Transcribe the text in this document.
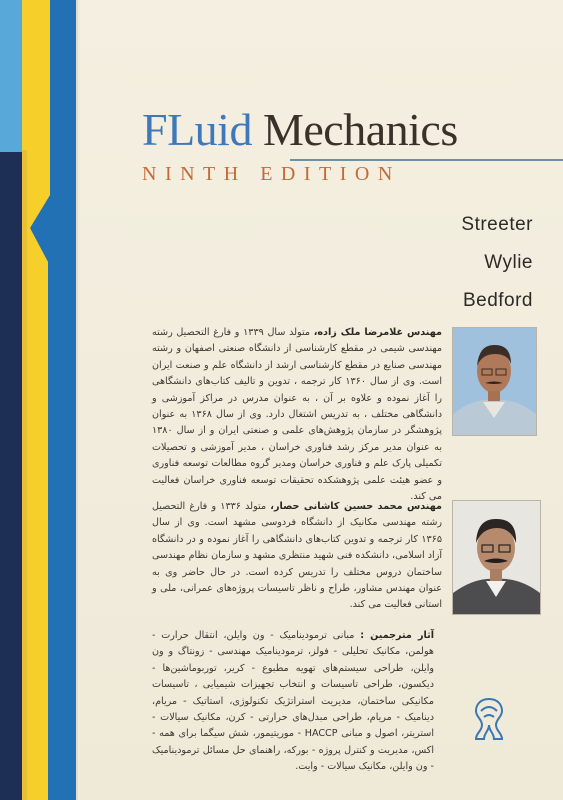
FLuid Mechanics
NINTH EDITION
Streeter
Wylie
Bedford
مهندس غلامرضا ملک زاده، متولد سال ۱۳۳۹ و فارغ التحصیل رشته مهندسی شیمی در مقطع کارشناسی از دانشگاه صنعتی اصفهان و رشته مهندسی صنایع در مقطع کارشناسی ارشد از دانشگاه علم و صنعت ایران است. وی از سال ۱۳۶۰ کار ترجمه ، تدوین و تالیف کتاب‌های دانشگاهی را آغاز نموده و علاوه بر آن ، به عنوان مدرس در مراکز آموزشی و دانشگاهی مختلف ، به تدریس اشتغال دارد. وی از سال ۱۳۶۸ به عنوان پژوهشگر در سازمان پژوهش‌های علمی و صنعتی ایران و از سال ۱۳۸۰ به عنوان مدیر مرکز رشد فناوری خراسان ، مدیر آموزشی و تحصیلات تکمیلی پارک علم و فناوری خراسان ومدیر گروه مطالعات توسعه فناوری و عضو هیئت علمی پژوهشکده تحقیقات توسعه فناوری خراسان فعالیت می کند.
مهندس محمد حسین کاشانی حصار، متولد ۱۳۳۶ و فارغ التحصیل رشته مهندسی مکانیک از دانشگاه فردوسی مشهد است. وی از سال ۱۳۶۵ کار ترجمه و تدوین کتاب‌های دانشگاهی را آغاز نموده و در دانشگاه آزاد اسلامی، دانشکده فنی شهید منتظری مشهد و سازمان نظام مهندسی ساختمان دروس مختلف را تدریس کرده است. در حال حاضر وی به عنوان مهندس مشاور، طراح و ناظر تاسیسات پروژه‌های عمرانی، ملی و استانی فعالیت می کند.
آثار مترجمین : مبانی ترمودینامیک - ون وایلن، انتقال حرارت - هولمن، مکانیک تحلیلی - فولز، ترمودینامیک مهندسی - زونتاگ و ون وایلن، طراحی سیستم‌های تهویه مطبوع - کریر، توربوماشین‌ها - دیکسون، طراحی تاسیسات و انتخاب تجهیزات شیمیایی ، تاسیسات مکانیکی ساختمان، مدیریت استراتژیک تکنولوژی، استاتیک - مریام، دینامیک - مریام، طراحی مبدل‌های حرارتی - کرن، مکانیک سیالات - استریتر، اصول و مبانی HACCP - موریتیمور، شش سیگما برای همه - اکس، مدیریت و کنترل پروژه - بورکه، راهنمای حل مسائل ترمودینامیک - ون وایلن، مکانیک سیالات - وایت.
